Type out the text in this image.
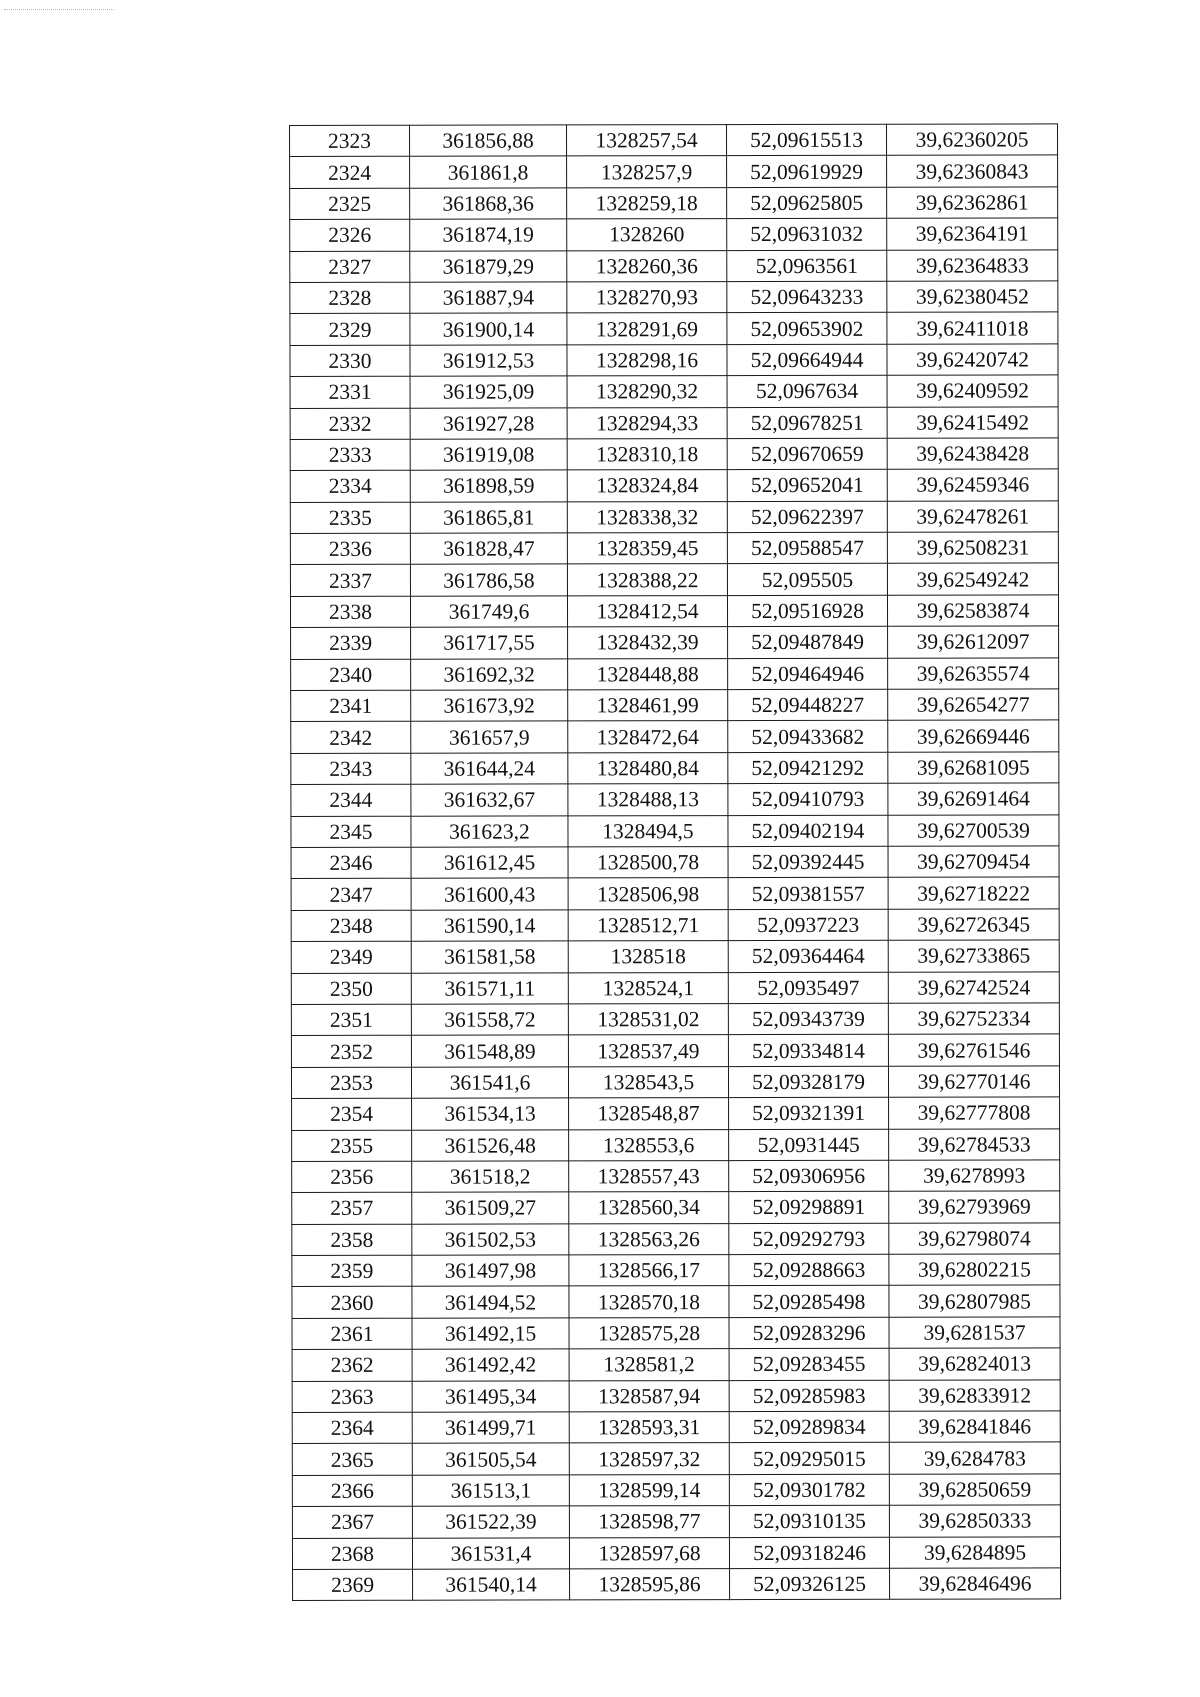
2323	361856,88	1328257,54	52,09615513	39,62360205
2324	361861,8	1328257,9	52,09619929	39,62360843
2325	361868,36	1328259,18	52,09625805	39,62362861
2326	361874,19	1328260	52,09631032	39,62364191
2327	361879,29	1328260,36	52,0963561	39,62364833
2328	361887,94	1328270,93	52,09643233	39,62380452
2329	361900,14	1328291,69	52,09653902	39,62411018
2330	361912,53	1328298,16	52,09664944	39,62420742
2331	361925,09	1328290,32	52,0967634	39,62409592
2332	361927,28	1328294,33	52,09678251	39,62415492
2333	361919,08	1328310,18	52,09670659	39,62438428
2334	361898,59	1328324,84	52,09652041	39,62459346
2335	361865,81	1328338,32	52,09622397	39,62478261
2336	361828,47	1328359,45	52,09588547	39,62508231
2337	361786,58	1328388,22	52,095505	39,62549242
2338	361749,6	1328412,54	52,09516928	39,62583874
2339	361717,55	1328432,39	52,09487849	39,62612097
2340	361692,32	1328448,88	52,09464946	39,62635574
2341	361673,92	1328461,99	52,09448227	39,62654277
2342	361657,9	1328472,64	52,09433682	39,62669446
2343	361644,24	1328480,84	52,09421292	39,62681095
2344	361632,67	1328488,13	52,09410793	39,62691464
2345	361623,2	1328494,5	52,09402194	39,62700539
2346	361612,45	1328500,78	52,09392445	39,62709454
2347	361600,43	1328506,98	52,09381557	39,62718222
2348	361590,14	1328512,71	52,0937223	39,62726345
2349	361581,58	1328518	52,09364464	39,62733865
2350	361571,11	1328524,1	52,0935497	39,62742524
2351	361558,72	1328531,02	52,09343739	39,62752334
2352	361548,89	1328537,49	52,09334814	39,62761546
2353	361541,6	1328543,5	52,09328179	39,62770146
2354	361534,13	1328548,87	52,09321391	39,62777808
2355	361526,48	1328553,6	52,0931445	39,62784533
2356	361518,2	1328557,43	52,09306956	39,6278993
2357	361509,27	1328560,34	52,09298891	39,62793969
2358	361502,53	1328563,26	52,09292793	39,62798074
2359	361497,98	1328566,17	52,09288663	39,62802215
2360	361494,52	1328570,18	52,09285498	39,62807985
2361	361492,15	1328575,28	52,09283296	39,6281537
2362	361492,42	1328581,2	52,09283455	39,62824013
2363	361495,34	1328587,94	52,09285983	39,62833912
2364	361499,71	1328593,31	52,09289834	39,62841846
2365	361505,54	1328597,32	52,09295015	39,6284783
2366	361513,1	1328599,14	52,09301782	39,62850659
2367	361522,39	1328598,77	52,09310135	39,62850333
2368	361531,4	1328597,68	52,09318246	39,6284895
2369	361540,14	1328595,86	52,09326125	39,62846496
